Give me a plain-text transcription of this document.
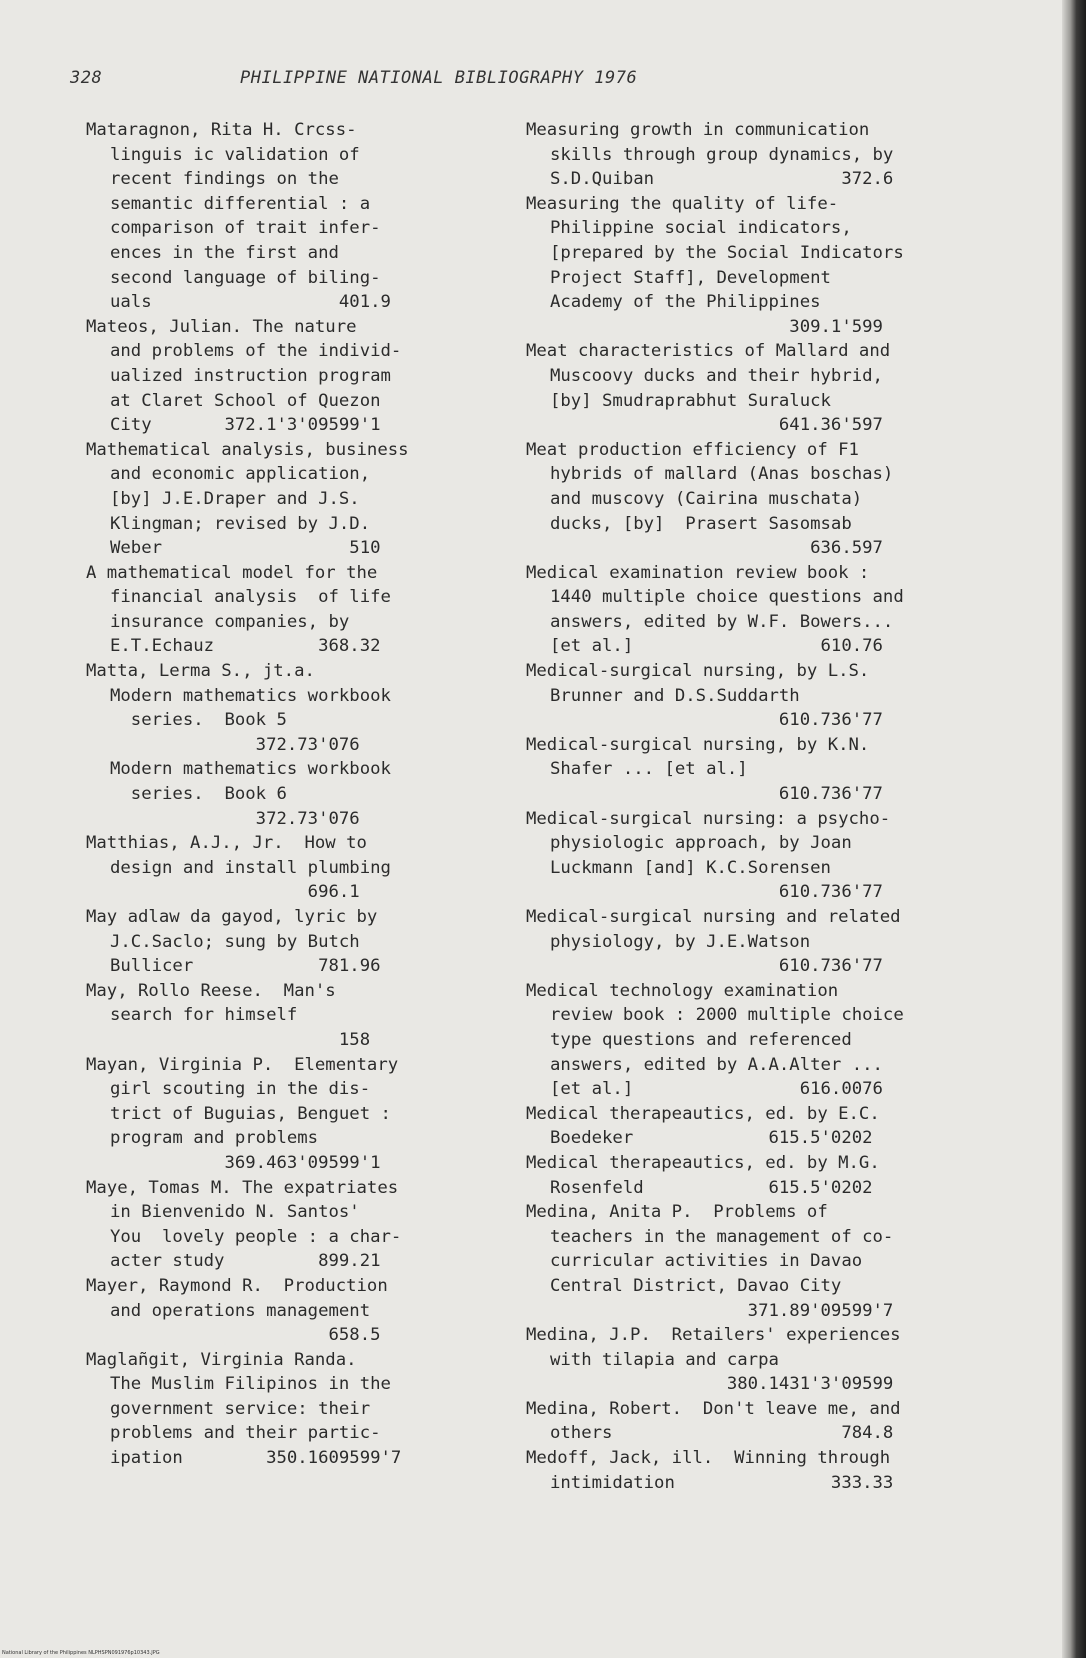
328	PHILIPPINE NATIONAL BIBLIOGRAPHY 1976
Mataragnon, Rita H. Crcss-
linguis ic validation of
recent findings on the
semantic differential : a
comparison of trait infer-
ences in the first and
second language of biling-
uals                  401.9
Mateos, Julian. The nature
and problems of the individ-
ualized instruction program
at Claret School of Quezon
City       372.1'3'09599'1
Mathematical analysis, business
and economic application,
[by] J.E.Draper and J.S.
Klingman; revised by J.D.
Weber                  510
A mathematical model for the
financial analysis  of life
insurance companies, by
E.T.Echauz          368.32
Matta, Lerma S., jt.a.
Modern mathematics workbook
series.  Book 5
372.73'076
Modern mathematics workbook
series.  Book 6
372.73'076
Matthias, A.J., Jr.  How to
design and install plumbing
696.1
May adlaw da gayod, lyric by
J.C.Saclo; sung by Butch
Bullicer            781.96
May, Rollo Reese.  Man's
search for himself
158
Mayan, Virginia P.  Elementary
girl scouting in the dis-
trict of Buguias, Benguet :
program and problems
369.463'09599'1
Maye, Tomas M. The expatriates
in Bienvenido N. Santos'
You  lovely people : a char-
acter study         899.21
Mayer, Raymond R.  Production
and operations management
658.5
Maglañgit, Virginia Randa.
The Muslim Filipinos in the
government service: their
problems and their partic-
ipation        350.1609599'7
Measuring growth in communication
skills through group dynamics, by
S.D.Quiban                  372.6
Measuring the quality of life-
Philippine social indicators,
[prepared by the Social Indicators
Project Staff], Development
Academy of the Philippines
309.1'599
Meat characteristics of Mallard and
Muscoovy ducks and their hybrid,
[by] Smudraprabhut Suraluck
641.36'597
Meat production efficiency of F1
hybrids of mallard (Anas boschas)
and muscovy (Cairina muschata)
ducks, [by]  Prasert Sasomsab
636.597
Medical examination review book :
1440 multiple choice questions and
answers, edited by W.F. Bowers...
[et al.]                  610.76
Medical-surgical nursing, by L.S.
Brunner and D.S.Suddarth
610.736'77
Medical-surgical nursing, by K.N.
Shafer ... [et al.]
610.736'77
Medical-surgical nursing: a psycho-
physiologic approach, by Joan
Luckmann [and] K.C.Sorensen
610.736'77
Medical-surgical nursing and related
physiology, by J.E.Watson
610.736'77
Medical technology examination
review book : 2000 multiple choice
type questions and referenced
answers, edited by A.A.Alter ...
[et al.]                616.0076
Medical therapeautics, ed. by E.C.
Boedeker             615.5'0202
Medical therapeautics, ed. by M.G.
Rosenfeld            615.5'0202
Medina, Anita P.  Problems of
teachers in the management of co-
curricular activities in Davao
Central District, Davao City
371.89'09599'7
Medina, J.P.  Retailers' experiences
with tilapia and carpa
380.1431'3'09599
Medina, Robert.  Don't leave me, and
others                      784.8
Medoff, Jack, ill.  Winning through
intimidation               333.33
National Library of the Philippines NLPHSPN091976p10343.JPG
